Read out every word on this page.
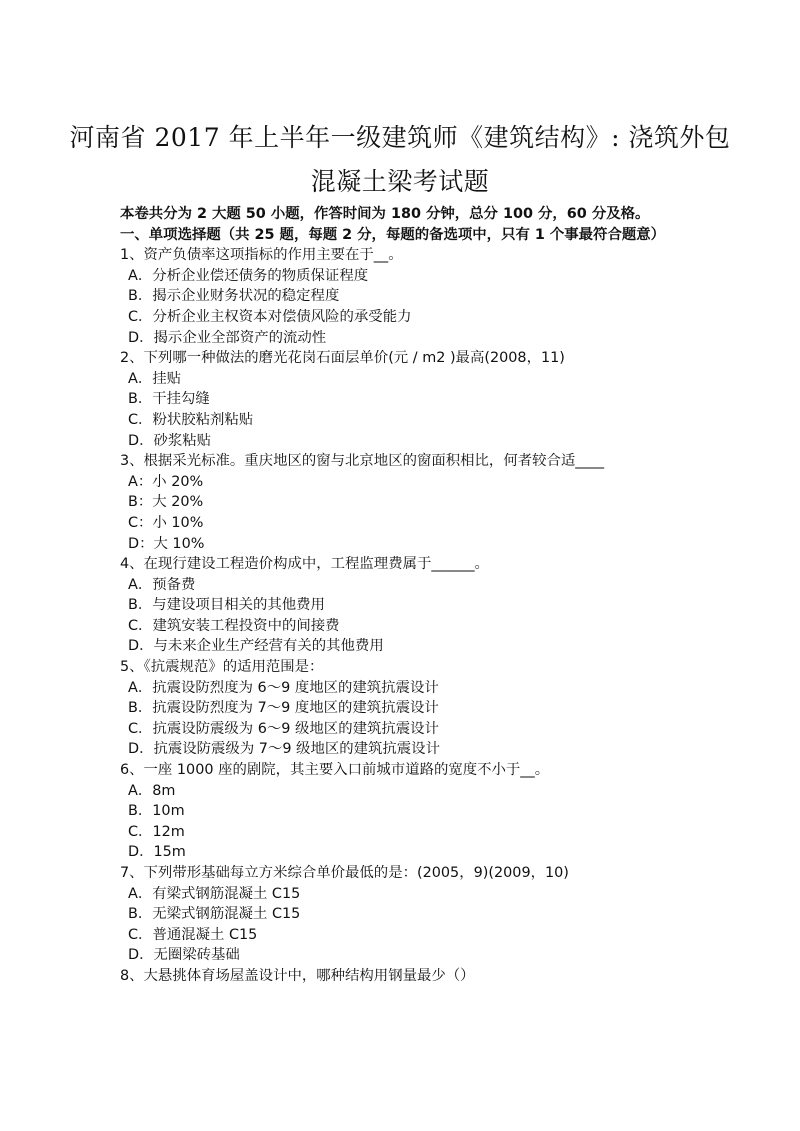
河南省 2017 年上半年一级建筑师《建筑结构》: 浇筑外包
混凝土梁考试题
本卷共分为 2 大题 50 小题，作答时间为 180 分钟，总分 100 分，60 分及格。
一、单项选择题（共 25 题，每题 2 分，每题的备选项中，只有 1 个事最符合题意）
1、资产负债率这项指标的作用主要在于__。
A．分析企业偿还债务的物质保证程度
B．揭示企业财务状况的稳定程度
C．分析企业主权资本对偿债风险的承受能力
D．揭示企业全部资产的流动性
2、下列哪一种做法的磨光花岗石面层单价(元 / m2 )最高(2008，11)
A．挂贴
B．干挂勾缝
C．粉状胶粘剂粘贴
D．砂浆粘贴
3、根据采光标准。重庆地区的窗与北京地区的窗面积相比，何者较合适____
A：小 20%
B：大 20%
C：小 10%
D：大 10%
4、在现行建设工程造价构成中，工程监理费属于______。
A．预备费
B．与建设项目相关的其他费用
C．建筑安装工程投资中的间接费
D．与未来企业生产经营有关的其他费用
5、《抗震规范》的适用范围是：
A．抗震设防烈度为 6～9 度地区的建筑抗震设计
B．抗震设防烈度为 7～9 度地区的建筑抗震设计
C．抗震设防震级为 6～9 级地区的建筑抗震设计
D．抗震设防震级为 7～9 级地区的建筑抗震设计
6、一座 1000 座的剧院，其主要入口前城市道路的宽度不小于__。
A．8m
B．10m
C．12m
D．15m
7、下列带形基础每立方米综合单价最低的是：(2005，9)(2009，10)
A．有梁式钢筋混凝土 C15
B．无梁式钢筋混凝土 C15
C．普通混凝土 C15
D．无圈梁砖基础
8、大悬挑体育场屋盖设计中，哪种结构用钢量最少（）
